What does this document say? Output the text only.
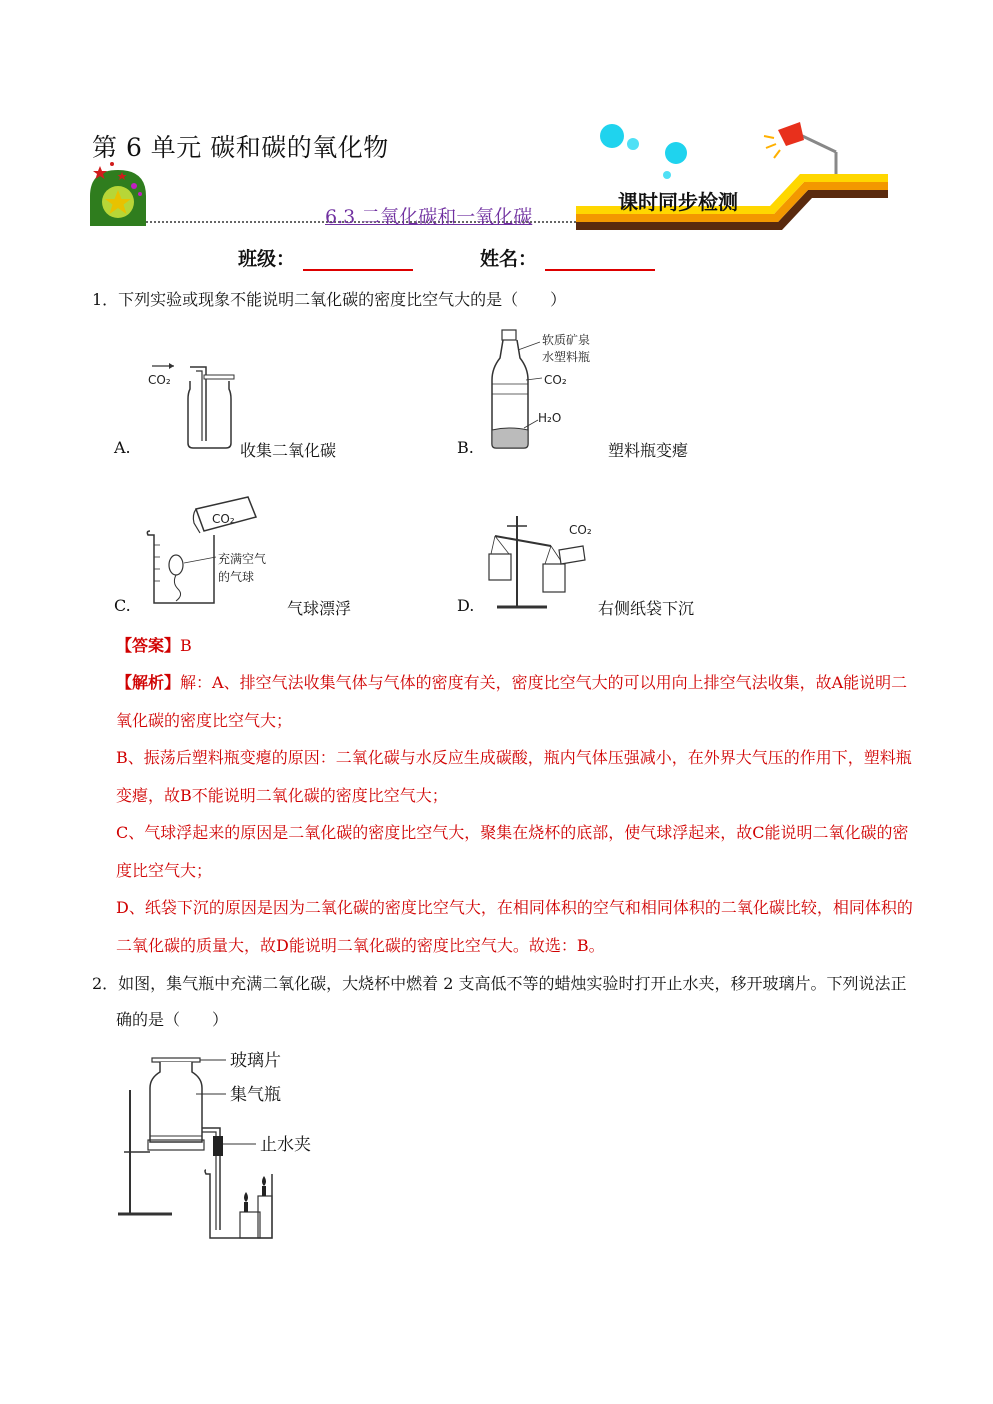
第 6 单元 碳和碳的氧化物
6.3 二氧化碳和一氧化碳
课时同步检测
班级：	姓名：
1．下列实验或现象不能说明二氧化碳的密度比空气大的是（　　）
CO₂
A.	收集二氧化碳
软质矿泉
水塑料瓶
CO₂
H₂O
B.	塑料瓶变瘪
CO₂
充满空气
的气球
C.	气球漂浮
CO₂
D.	右侧纸袋下沉
【答案】B
【解析】解：A、排空气法收集气体与气体的密度有关，密度比空气大的可以用向上排空气法收集，故A能说明二氧化碳的密度比空气大；
B、振荡后塑料瓶变瘪的原因：二氧化碳与水反应生成碳酸，瓶内气体压强减小，在外界大气压的作用下，塑料瓶变瘪，故B不能说明二氧化碳的密度比空气大；
C、气球浮起来的原因是二氧化碳的密度比空气大，聚集在烧杯的底部，使气球浮起来，故C能说明二氧化碳的密度比空气大；
D、纸袋下沉的原因是因为二氧化碳的密度比空气大，在相同体积的空气和相同体积的二氧化碳比较，相同体积的二氧化碳的质量大，故D能说明二氧化碳的密度比空气大。故选：B。
2．如图，集气瓶中充满二氧化碳，大烧杯中燃着 2 支高低不等的蜡烛实验时打开止水夹，移开玻璃片。下列说法正确的是（　　）
玻璃片
集气瓶
止水夹
